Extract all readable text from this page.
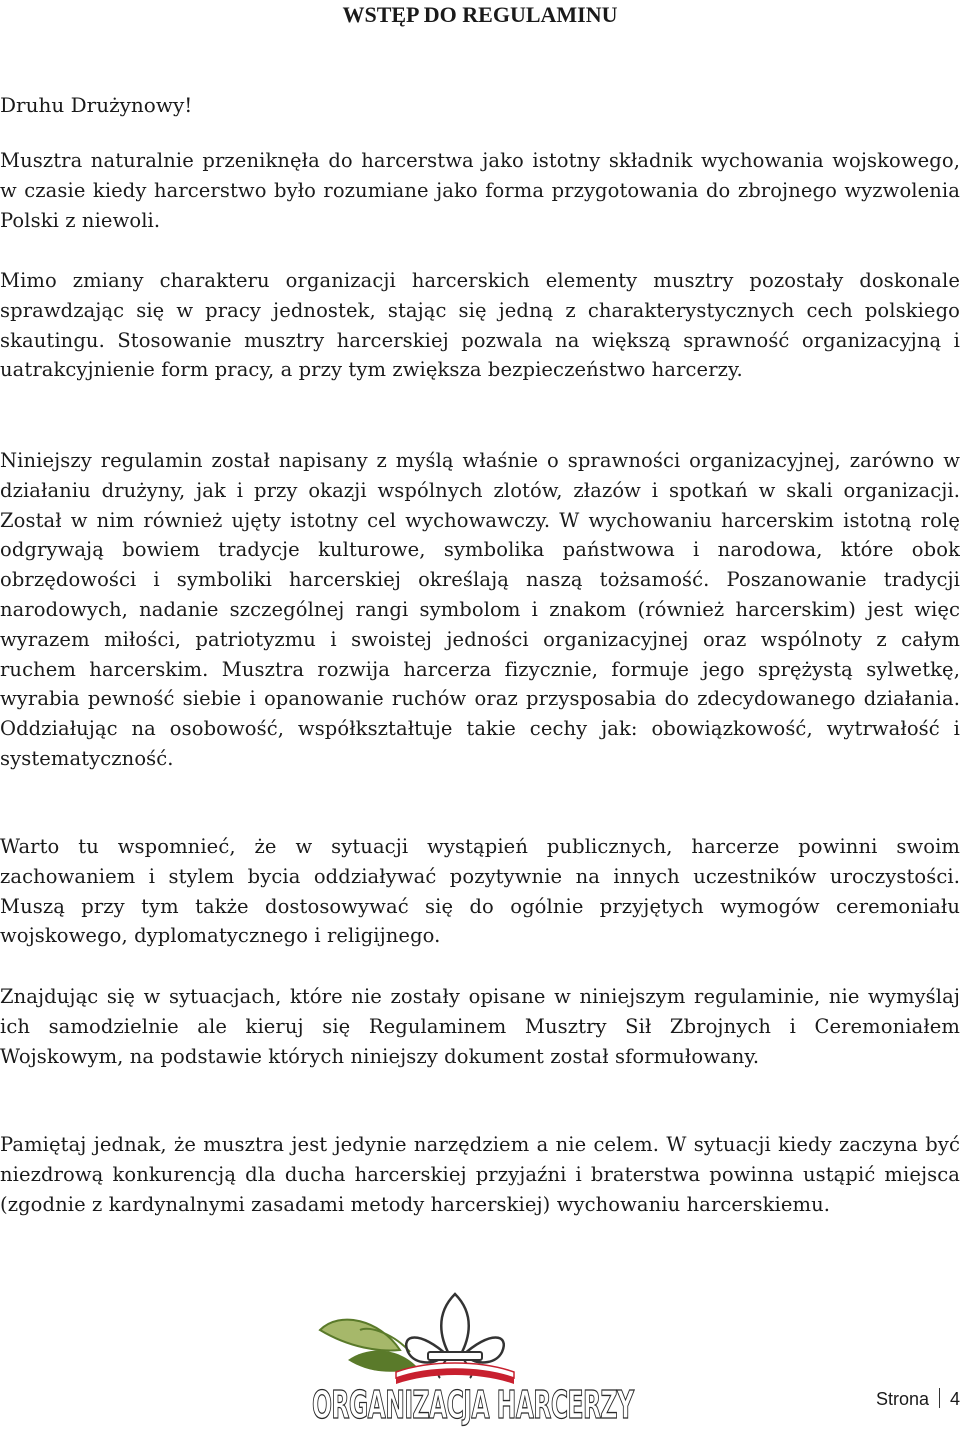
WSTĘP DO REGULAMINU

Druhu Drużynowy!

Musztra naturalnie przeniknęła do harcerstwa jako istotny składnik wychowania wojskowego, w czasie kiedy harcerstwo było rozumiane jako forma przygotowania do zbrojnego wyzwolenia Polski z niewoli.

Mimo zmiany charakteru organizacji harcerskich elementy musztry pozostały doskonale sprawdzając się w pracy jednostek, stając się jedną z charakterystycznych cech polskiego skautingu. Stosowanie musztry harcerskiej pozwala na większą sprawność organizacyjną i uatrakcyjnienie form pracy, a przy tym zwiększa bezpieczeństwo harcerzy.

Niniejszy regulamin został napisany z myślą właśnie o sprawności organizacyjnej, zarówno w działaniu drużyny, jak i przy okazji wspólnych zlotów, złazów i spotkań w skali organizacji. Został w nim również ujęty istotny cel wychowawczy. W wychowaniu harcerskim istotną rolę odgrywają bowiem tradycje kulturowe, symbolika państwowa i narodowa, które obok obrzędowości i symboliki harcerskiej określają naszą tożsamość. Poszanowanie tradycji narodowych, nadanie szczególnej rangi symbolom i znakom (również harcerskim) jest więc wyrazem miłości, patriotyzmu i swoistej jedności organizacyjnej oraz wspólnoty z całym ruchem harcerskim. Musztra rozwija harcerza fizycznie, formuje jego sprężystą sylwetkę, wyrabia pewność siebie i opanowanie ruchów oraz przysposabia do zdecydowanego działania. Oddziałując na osobowość, współkształtuje takie cechy jak: obowiązkowość, wytrwałość i systematyczność.

Warto tu wspomnieć, że w sytuacji wystąpień publicznych, harcerze powinni swoim zachowaniem i stylem bycia oddziaływać pozytywnie na innych uczestników uroczystości. Muszą przy tym także dostosowywać się do ogólnie przyjętych wymogów ceremoniału wojskowego, dyplomatycznego i religijnego.

Znajdując się w sytuacjach, które nie zostały opisane w niniejszym regulaminie, nie wymyślaj ich samodzielnie ale kieruj się Regulaminem Musztry Sił Zbrojnych i Ceremoniałem Wojskowym, na podstawie których niniejszy dokument został sformułowany.

Pamiętaj jednak, że musztra jest jedynie narzędziem a nie celem. W sytuacji kiedy zaczyna być niezdrową konkurencją dla ducha harcerskiej przyjaźni i braterstwa powinna ustąpić miejsca (zgodnie z kardynalnymi zasadami metody harcerskiej) wychowaniu harcerskiemu.

ORGANIZACJA HARCERZY	Strona 4
